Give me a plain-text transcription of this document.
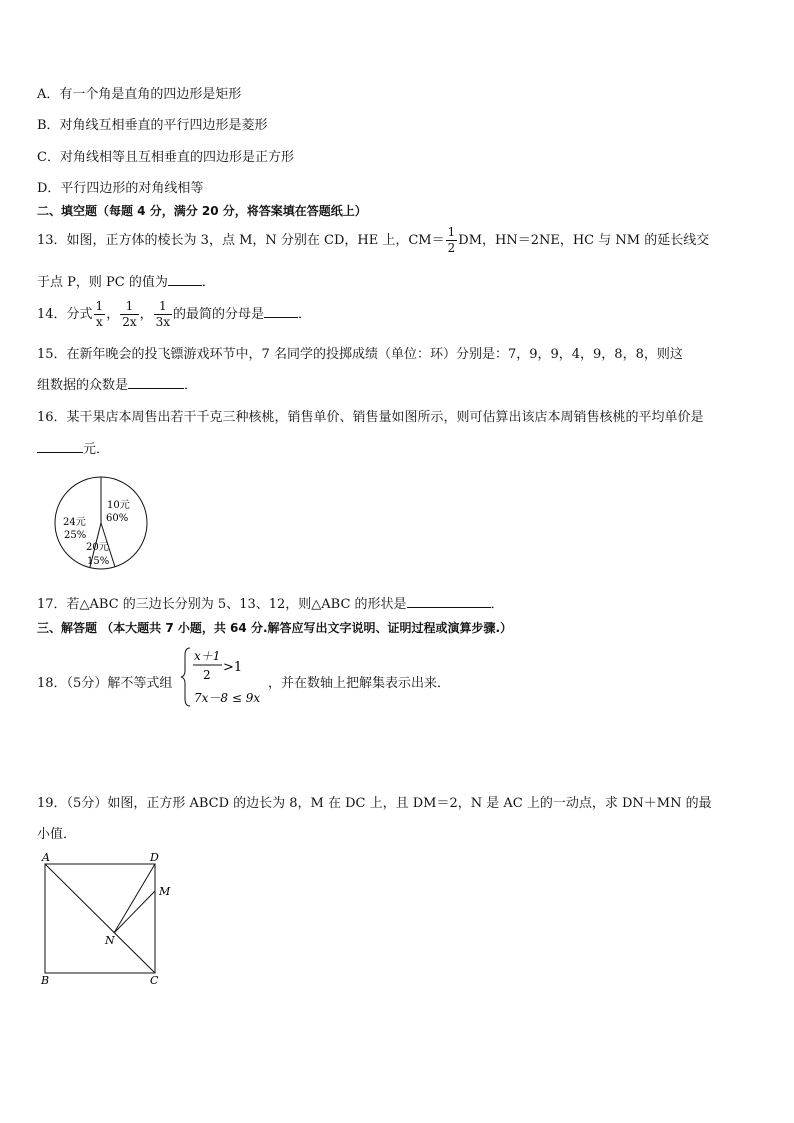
A．有一个角是直角的四边形是矩形
B．对角线互相垂直的平行四边形是菱形
C．对角线相等且互相垂直的四边形是正方形
D．平行四边形的对角线相等
二、填空题（每题 4 分，满分 20 分，将答案填在答题纸上）
13．如图，正方体的棱长为 3，点 M，N 分别在 CD，HE 上，$CM= \frac{1}{2}$ DM，HN＝2NE，HC 与 NM 的延长线交
于点 P，则 PC 的值为	．
14．分式 $\frac{1}{x}$ ， $\frac{1}{2x}$ ， $\frac{1}{3x}$ 的最简的分母是	．
15．在新年晚会的投飞镖游戏环节中，7 名同学的投掷成绩（单位：环）分别是：7，9，9，4，9，8，8，则这
组数据的众数是	．
16．某干果店本周售出若干千克三种核桃，销售单价、销售量如图所示，则可估算出该店本周销售核桃的平均单价是
元．
10元
60%
24元
25%
20元
15%
17．若△ABC 的三边长分别为 5、13、12，则△ABC 的形状是	．
三、解答题 （本大题共 7 小题，共 64 分.解答应写出文字说明、证明过程或演算步骤.）
18．（5分）解不等式组
x＋1
2 >1
7x－8 ≤ 9x
，并在数轴上把解集表示出来．
19．（5分）如图，正方形 ABCD 的边长为 8，M 在 DC 上，且 DM＝2，N 是 AC 上的一动点，求 DN＋MN 的最
小值．
A	D
M
N
B	C
